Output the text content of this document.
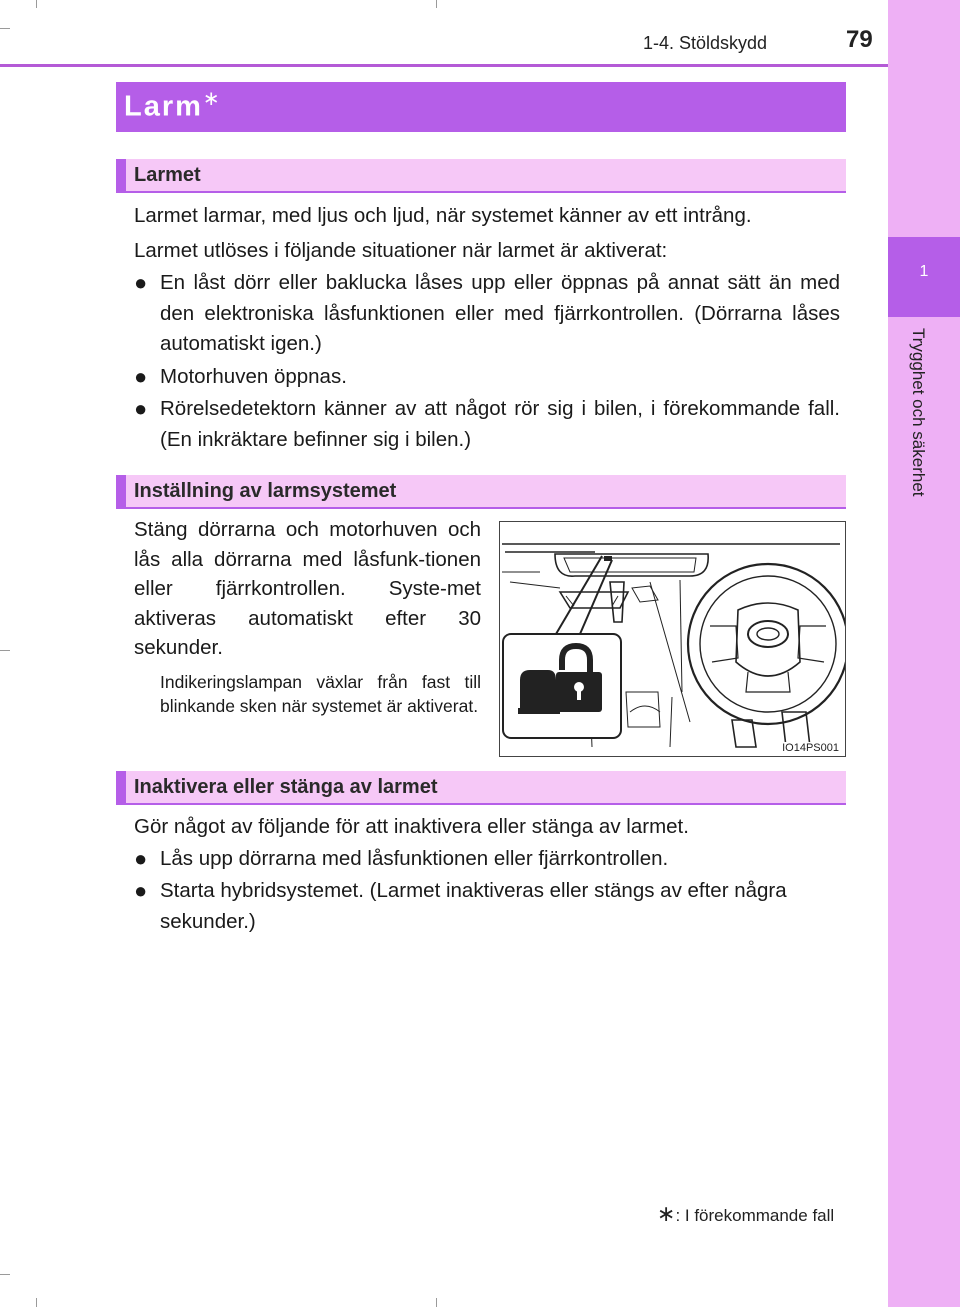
1-4. Stöldskydd	79
1
Trygghet och säkerhet
Larm∗
Larmet

Larmet larmar, med ljus och ljud, när systemet känner av ett intrång.

Larmet utlöses i följande situationer när larmet är aktiverat:

● En låst dörr eller baklucka låses upp eller öppnas på annat sätt än med den elektroniska låsfunktionen eller med fjärrkontrollen. (Dörrarna låses automatiskt igen.)
● Motorhuven öppnas.
● Rörelsedetektorn känner av att något rör sig i bilen, i förekommande fall. (En inkräktare befinner sig i bilen.)
Inställning av larmsystemet

Stäng dörrarna och motorhuven och lås alla dörrarna med låsfunk-tionen eller fjärrkontrollen. Syste-met aktiveras automatiskt efter 30 sekunder.

Indikeringslampan växlar från fast till blinkande sken när systemet är aktiverat.
IO14PS001
Inaktivera eller stänga av larmet

Gör något av följande för att inaktivera eller stänga av larmet.

● Lås upp dörrarna med låsfunktionen eller fjärrkontrollen.
● Starta hybridsystemet. (Larmet inaktiveras eller stängs av efter några sekunder.)
∗: I förekommande fall
